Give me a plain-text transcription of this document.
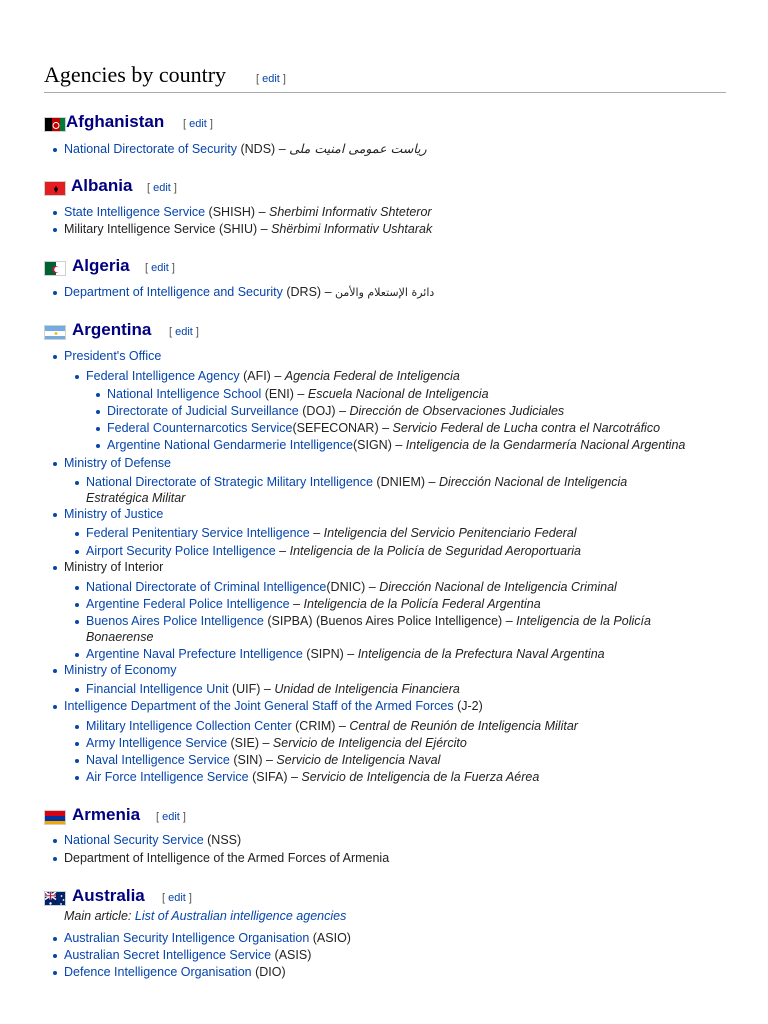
Agencies by country	[ edit ]
Afghanistan [ edit ]
National Directorate of Security (NDS) – ریاست عمومی امنیت ملی
Albania [ edit ]
State Intelligence Service (SHISH) – Sherbimi Informativ Shteteror
Military Intelligence Service (SHIU) – Shërbimi Informativ Ushtarak
Algeria [ edit ]
Department of Intelligence and Security (DRS) – دائرة الإستعلام والأمن
Argentina [ edit ]
President's Office
Federal Intelligence Agency (AFI) – Agencia Federal de Inteligencia
National Intelligence School (ENI) – Escuela Nacional de Inteligencia
Directorate of Judicial Surveillance (DOJ) – Dirección de Observaciones Judiciales
Federal Counternarcotics Service(SEFECONAR) – Servicio Federal de Lucha contra el Narcotráfico
Argentine National Gendarmerie Intelligence(SIGN) – Inteligencia de la Gendarmería Nacional Argentina
Ministry of Defense
National Directorate of Strategic Military Intelligence (DNIEM) – Dirección Nacional de Inteligencia
Estratégica Militar
Ministry of Justice
Federal Penitentiary Service Intelligence – Inteligencia del Servicio Penitenciario Federal
Airport Security Police Intelligence – Inteligencia de la Policía de Seguridad Aeroportuaria
Ministry of Interior
National Directorate of Criminal Intelligence(DNIC) – Dirección Nacional de Inteligencia Criminal
Argentine Federal Police Intelligence – Inteligencia de la Policía Federal Argentina
Buenos Aires Police Intelligence (SIPBA) (Buenos Aires Police Intelligence) – Inteligencia de la Policía
Bonaerense
Argentine Naval Prefecture Intelligence (SIPN) – Inteligencia de la Prefectura Naval Argentina
Ministry of Economy
Financial Intelligence Unit (UIF) – Unidad de Inteligencia Financiera
Intelligence Department of the Joint General Staff of the Armed Forces (J-2)
Military Intelligence Collection Center (CRIM) – Central de Reunión de Inteligencia Militar
Army Intelligence Service (SIE) – Servicio de Inteligencia del Ejército
Naval Intelligence Service (SIN) – Servicio de Inteligencia Naval
Air Force Intelligence Service (SIFA) – Servicio de Inteligencia de la Fuerza Aérea
Armenia [ edit ]
National Security Service (NSS)
Department of Intelligence of the Armed Forces of Armenia
Australia [ edit ]
Main article: List of Australian intelligence agencies
Australian Security Intelligence Organisation (ASIO)
Australian Secret Intelligence Service (ASIS)
Defence Intelligence Organisation (DIO)
